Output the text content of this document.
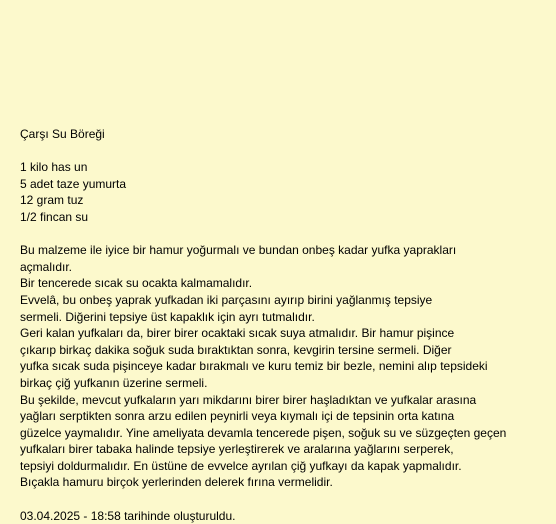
Çarşı Su Böreği
1 kilo has un
5 adet taze yumurta
12 gram tuz
1/2 fincan su
Bu malzeme ile iyice bir hamur yoğurmalı ve bundan onbeş kadar yufka yaprakları
açmalıdır.
Bir tencerede sıcak su ocakta kalmamalıdır.
Evvelâ, bu onbeş yaprak yufkadan iki parçasını ayırıp birini yağlanmış tepsiye
sermeli. Diğerini tepsiye üst kapaklık için ayrı tutmalıdır.
Geri kalan yufkaları da, birer birer ocaktaki sıcak suya atmalıdır. Bir hamur pişince
çıkarıp birkaç dakika soğuk suda bıraktıktan sonra, kevgirin tersine sermeli. Diğer
yufka sıcak suda pişinceye kadar bırakmalı ve kuru temiz bir bezle, nemini alıp tepsideki
birkaç çiğ yufkanın üzerine sermeli.
Bu şekilde, mevcut yufkaların yarı mikdarını birer birer haşladıktan ve yufkalar arasına
yağları serptikten sonra arzu edilen peynirli veya kıymalı içi de tepsinin orta katına
güzelce yaymalıdır. Yine ameliyata devamla tencerede pişen, soğuk su ve süzgeçten geçen
yufkaları birer tabaka halinde tepsiye yerleştirerek ve aralarına yağlarını serperek,
tepsiyi doldurmalıdır. En üstüne de evvelce ayrılan çiğ yufkayı da kapak yapmalıdır.
Bıçakla hamuru birçok yerlerinden delerek fırına vermelidir.
03.04.2025 - 18:58 tarihinde oluşturuldu.
